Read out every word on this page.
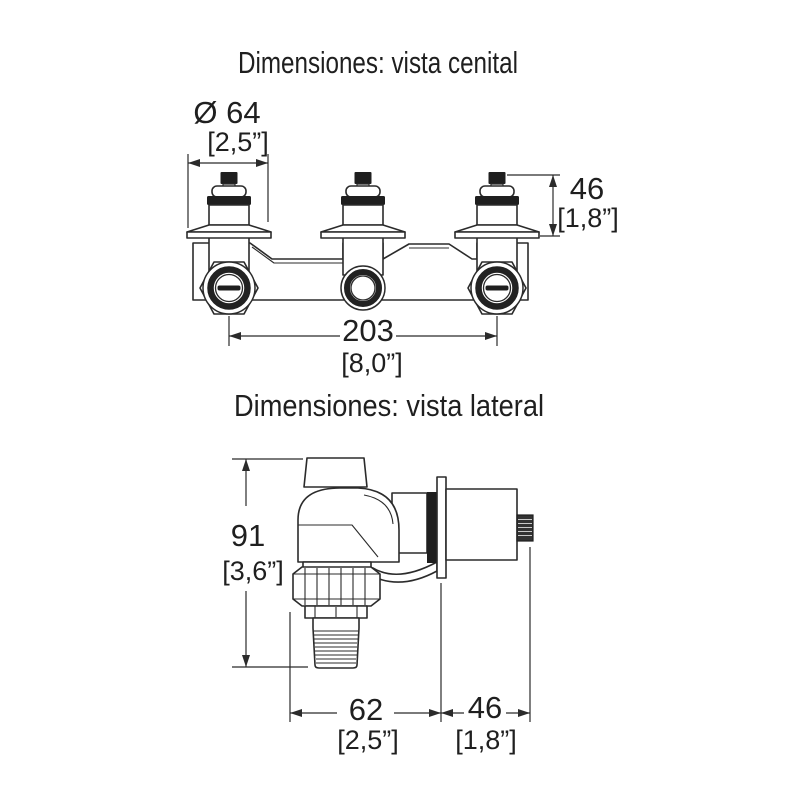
Dimensiones: vista cenital
Ø 64
[2,5”]
46
[1,8”]
203
[8,0”]
Dimensiones: vista lateral
91
[3,6”]
62
[2,5”]
46
[1,8”]
